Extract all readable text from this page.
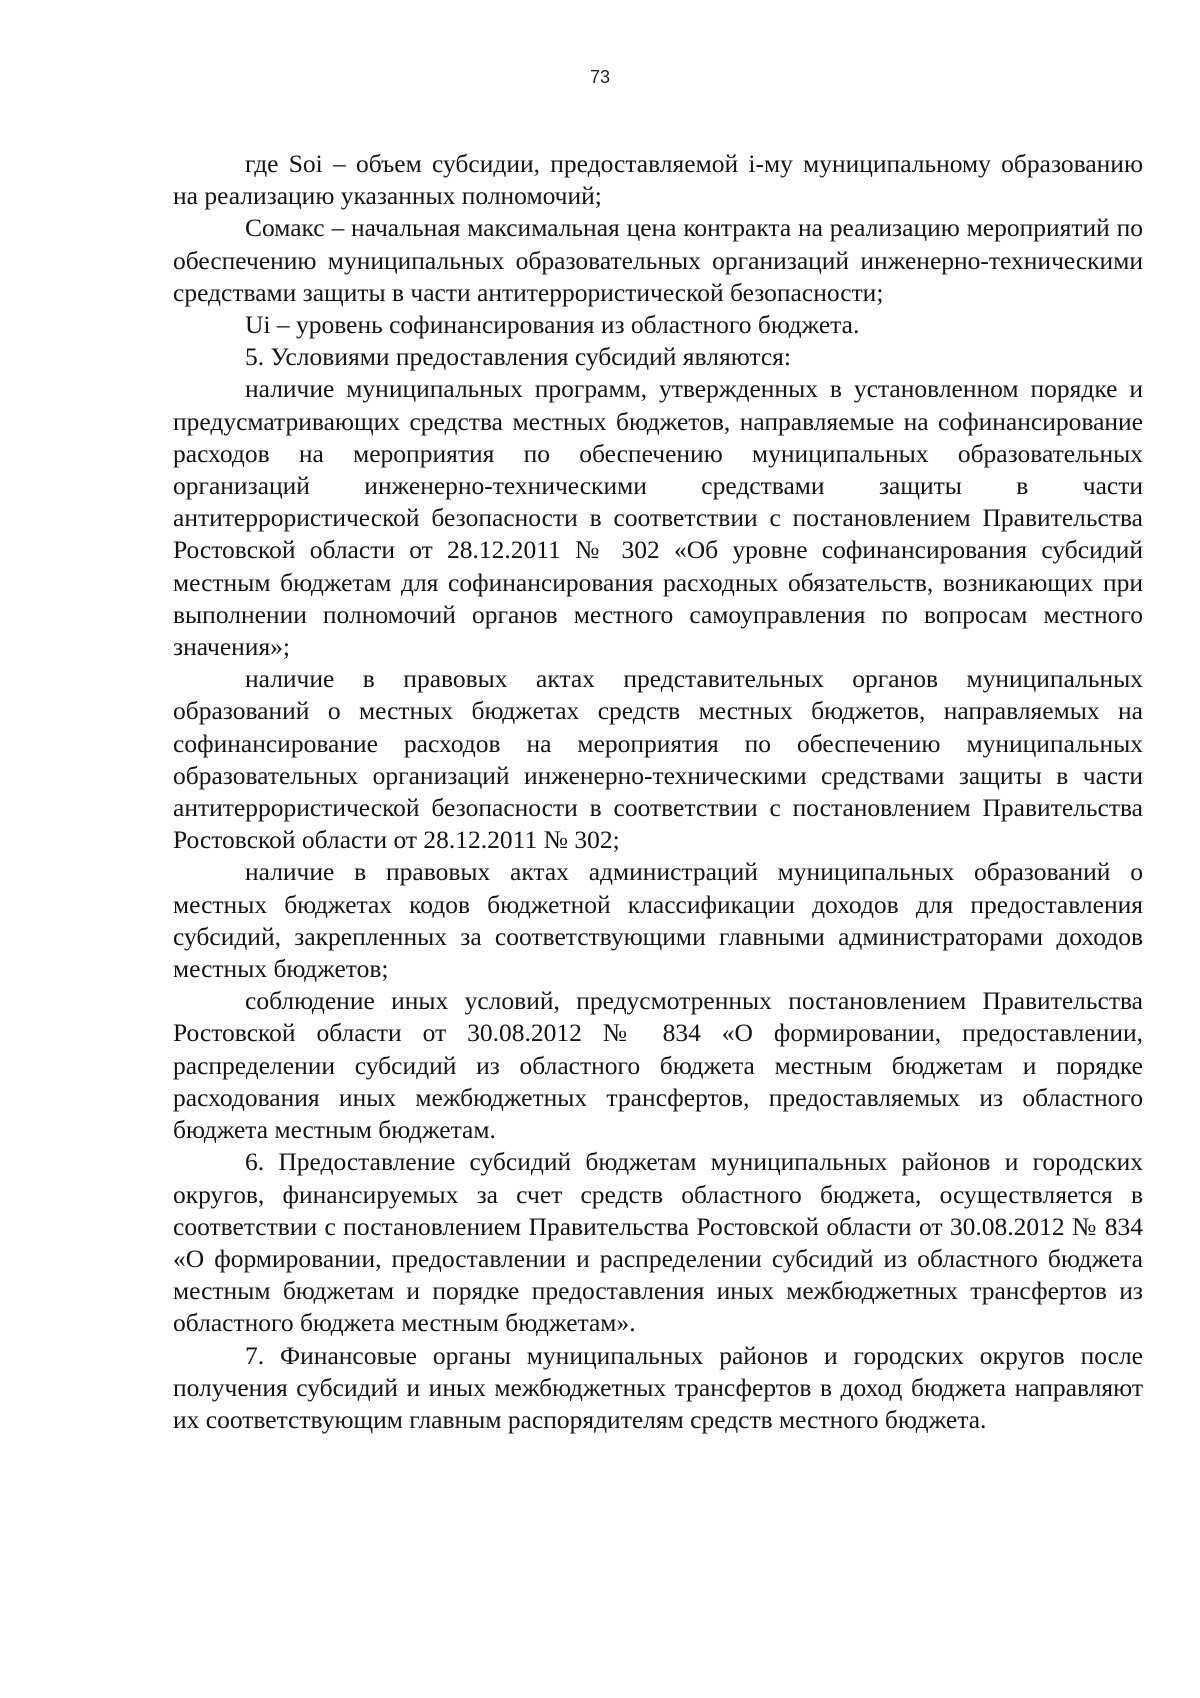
73

где Soi – объем субсидии, предоставляемой i-му муниципальному образованию на реализацию указанных полномочий;

Сомакс – начальная максимальная цена контракта на реализацию мероприятий по обеспечению муниципальных образовательных организаций инженерно-техническими средствами защиты в части антитеррористической безопасности;

Ui – уровень софинансирования из областного бюджета.

5. Условиями предоставления субсидий являются:

наличие муниципальных программ, утвержденных в установленном порядке и предусматривающих средства местных бюджетов, направляемые на софинансирование расходов на мероприятия по обеспечению муниципальных образовательных организаций инженерно-техническими средствами защиты в части антитеррористической безопасности в соответствии с постановлением Правительства Ростовской области от 28.12.2011 № 302 «Об уровне софинансирования субсидий местным бюджетам для софинансирования расходных обязательств, возникающих при выполнении полномочий органов местного самоуправления по вопросам местного значения»;

наличие в правовых актах представительных органов муниципальных образований о местных бюджетах средств местных бюджетов, направляемых на софинансирование расходов на мероприятия по обеспечению муниципальных образовательных организаций инженерно-техническими средствами защиты в части антитеррористической безопасности в соответствии с постановлением Правительства Ростовской области от 28.12.2011 № 302;

наличие в правовых актах администраций муниципальных образований о местных бюджетах кодов бюджетной классификации доходов для предоставления субсидий, закрепленных за соответствующими главными администраторами доходов местных бюджетов;

соблюдение иных условий, предусмотренных постановлением Правительства Ростовской области от 30.08.2012 № 834 «О формировании, предоставлении, распределении субсидий из областного бюджета местным бюджетам и порядке расходования иных межбюджетных трансфертов, предоставляемых из областного бюджета местным бюджетам.

6. Предоставление субсидий бюджетам муниципальных районов и городских округов, финансируемых за счет средств областного бюджета, осуществляется в соответствии с постановлением Правительства Ростовской области от 30.08.2012 № 834 «О формировании, предоставлении и распределении субсидий из областного бюджета местным бюджетам и порядке предоставления иных межбюджетных трансфертов из областного бюджета местным бюджетам».

7. Финансовые органы муниципальных районов и городских округов после получения субсидий и иных межбюджетных трансфертов в доход бюджета направляют их соответствующим главным распорядителям средств местного бюджета.
